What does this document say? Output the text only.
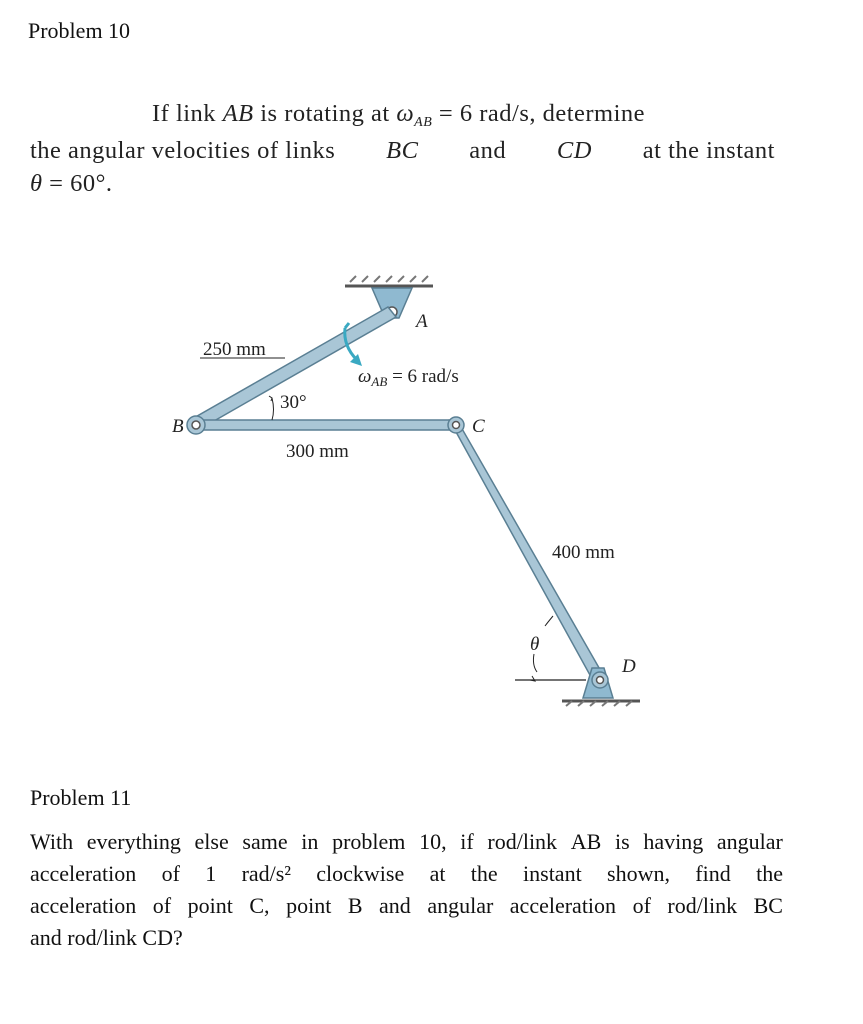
Problem 10
If link AB is rotating at $\omega_{AB} = 6$ rad/s, determine
the angular velocities of links BC and CD at the instant
θ = 60°.
A
B	C
D
250 mm
300 mm
400 mm
30°
$\omega_{AB} = 6$ rad/s
θ
Problem 11
With everything else same in problem 10, if rod/link AB is having angular
acceleration of 1 rad/s² clockwise at the instant shown, find the
acceleration of point C, point B and angular acceleration of rod/link BC
and rod/link CD?
